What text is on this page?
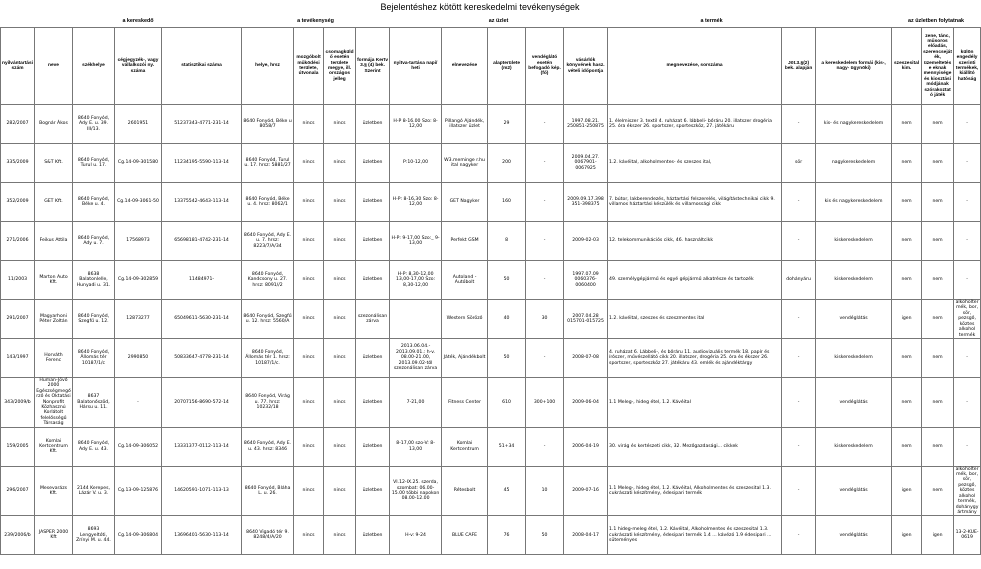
Bejelentéshez kötött kereskedelmi tevékenységek
	a kereskedő				a tevékenység				az üzlet					a termék			az üzletben folytatnak		
nyilvántartási szám	neve	székhelye	cégjegyzék-, vagy vállalkozói ny. száma	statisztikai száma	helye, hrsz	mozgóbolt működési területe, útvonala	csomagküldő esetén területe megye, ill. országos jelleg	formája Kertv 3.§ (4) bek. Szerint	nyitva-tartása napi/ heti	elnevezése	alapterülete (m2)	vendéglátó esetén befogadó kép. (fő)	vásárlók könyvének hasz. vételi időpontja	megnevezése, sorszáma	Jöt.3.§(2) bek. alapján	a kereskedelem formái (kis-, nagy- ügynöki)	szeszesital kim.	zene, tánc, műsoros előadás, szerencsejáték, üzemeltetése eknak mennyisége és kiosztási módjának szórakoztató játék	külön engedély szerinti termékek, kiállító hatóság
282/2007	Bognár Ákos	8640 Fonyód, Ady E. u. 39. III/13.	2601951	51237343-4771-231-14	8640 Fonyód, Béke u 8058/7	nincs	nincs	üzletben	H-P 8-16.00 Szo: 8-12,00	Pillangó Ajándék, illatszer üzlet	29	-	1997.08.21. 250851-250875	1. élelmiszer 3. textil 4. ruházat 6. lábbeli- bőráru 20. illatszer drogéria 25. óra ékszer 26. sportszer, sporteszköz, 27. játékáru	-	kis- és nagykereskedelem	nem	nem	-
335/2009	S&T Kft.	8640 Fonyód, Turul u. 17.	Cg.14-09-301580	11234195-5590-113-14	8640 Fonyód, Turul u. 17. hrsz: 5881/27	nincs	nincs	üzletben	P:10-12,00	W3.meminge r.hu ital nagyker	200	-	2009.04.27. 0067901-0067925	1.2. kávéital, alkoholmentes- és szeszes ital,	sör	nagykereskedelem	nem	nem	-
352/2009	GET Kft.	8640 Fonyód, Béke u. 4.	Cg.14-09-3061-50	13375542-4643-113-14	8640 Fonyód, Béke u. 4. hrsz: 8062/1	nincs	nincs	üzletben	H-P: 8-16,30 Szo: 8-12,00	GET Nagyker	160	-	2009.09.17.398 351-398375	7. bútor, lakberendezés, háztartási felszerelés, világítástechnikai cikk 9. villamos háztartási készülék és villamossági cikk	-	kis és nagykereskedelem	nem	nem	-
271/2006	Feikus Attila	8640 Fonyód, Ady u. 7.	17568973	65698181-4742-231-14	8640 Fonyód, Ady E. u. 7. hrsz: 8223/7/A/34	nincs	nincs	üzletben	H-P: 9-17,00 Szo:_ 9-13,00	Perfekt GSM	8	-	2009-02-03	12. telekommunikációs cikk, 46. használtcikk	-	kiskereskedelem	nem	nem	-
11/2003	Marton Auto Kft.	8638 Balatonlelle, Hunyadi u. 31.	Cg.14-09-302859	11484971-	8640 Fonyód, Kandcsony u. 27. hrsz: 8091//2	nincs	nincs	üzletben	H-P: 8,30-12,00 13,00-17,00 Szo: 8,30-12,00	Autoland - Autóbolt	50	-	1997.07.09 0060376-0060400	49. személygépjármű és egyé gépjármű alkatrésze és tartozék	dohányáru	kiskereskedelem	nem	nem	-
291/2007	Magyarhoni Péter Zoltán	8640 Fonyód, Szegfű u. 12.	12873277	65049611-5630-231-14	8640 Fonyód, Szegfű u. 12. hrsz: 5560/A	nincs	nincs	szezonálisan zárva		Western Söröző	40	30	2007.04.28 015701-015725	1.2. kávéital, szeszes és szeszmentes ital	-	vendéglátás	igen	nem	alkoholtermék, bor, sör, pezsgő, köztes alkohol termék
143/1997	Horváth Ferenc	8640 Fonyód, Állomás tér 10187/1/c	2990850	50833647-4778-231-14	8640 Fonyód, Állomás tér 1. hrsz: 10187/1/c.	nincs	nincs	üzletben	2013.06.04.- 2013.09.01.: h-v. 08.00-21.00, 2013.09.02-től szezonálisan zárva	Játék, Ajándékbolt	50	-	2008-07-08	4. ruházat 6. Lábbeli-, és bőráru 11. audiovizuális termék 18. papír és írószer, művészellátó cikk 20. illatszer, drogéria 25. óra és ékszer 26. sportszer, sporteszköz 27. játékáru 43. emlék és ajándéktárgy	-	kiskereskedelem	nem	nem	-
343/2009/b	Human-Jövő 2000 Egészségmegőrző és Oktatási Nonprofit Közhasznú Korlátolt felelősségű Társaság	8637 Balatonőszöd, Hársu u. 11.	-	20707156-8690-572-14	8640 Fonyód, Virág u. 77. hrsz: 10232/18	nincs	nincs	üzletben	7-21,00	Fitness Center	610	300+100	2009-06-04	1.1 Meleg-, hideg étel, 1.2. Kávéital	-	vendéglátás	nem	nem	-
159/2005	Komlai Kertcentrum Kft.	8640 Fonyód, Ady E. u. 43.	Cg.14-09-306052	13331377-0112-113-14	8640 Fonyód, Ady E. u. 43. hrsz: 8346	nincs	nincs	üzletben	8-17,00 szo-V: 8-13,00	Komlai Kertcentrum	51+34	-	2006-04-19	30. virág és kertészeti cikk, 32. Mezőgazdasági... cikkek	-	kiskereskedelem	nem	nem	-
296/2007	Mesevarázs Kft.	2144 Kerepes, Lázár V. u. 3.	Cg.13-09-125876	14620591-1071-113-13	8640 Fonyód, Bláha L. u. 26.	nincs	nincs	üzletben	VI.12-IX.25. szerda, szombat: 06.00-15.00 többi napokon 08.00-12.00	Rétesbolt	45	10	2009-07-16	1.1 Meleg-, hideg étel, 1.2. Kávéital, Alkoholmentes és szeszesital 1.3. cukrászati készítmény, édesipari termék	-	vendéglátás	igen	nem	alkoholtermék, bor, sör, pezsgő, köztes alkohol termék, dohánygyártmány
239/2006/b	JASPER 2000 Kft	8693 Lengyeltóti, Zrínyi M. u. 44.	Cg.14-09-306804	13696401-5630-113-14	8640 Vigadó tér 9. 8248/4/A/20	nincs	nincs	üzletben	H-v: 9-24	BLUE CAFE	76	50	2008-04-17	1.1 hideg-meleg étel, 1.2. Kávéital, Alkoholmentes és szeszesital 1.3. cukrászati készítmény, édesipari termék 1.4 ... kávézó 1.9 édesipari ... süteményes	-	vendéglátás	igen	igen	13-2-KUE-0619
